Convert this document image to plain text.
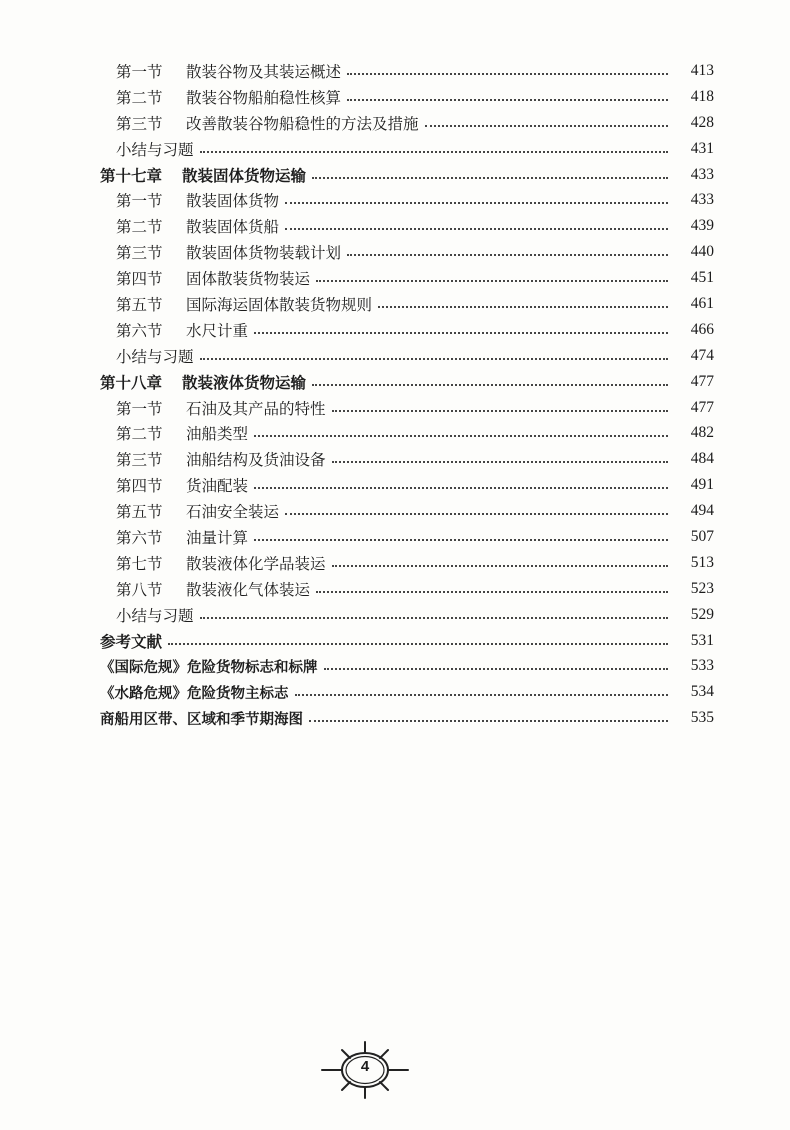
第一节	散装谷物及其装运概述	413
第二节	散装谷物船舶稳性核算	418
第三节	改善散装谷物船稳性的方法及措施	428
小结与习题	431
第十七章	散装固体货物运输	433
第一节	散装固体货物	433
第二节	散装固体货船	439
第三节	散装固体货物装载计划	440
第四节	固体散装货物装运	451
第五节	国际海运固体散装货物规则	461
第六节	水尺计重	466
小结与习题	474
第十八章	散装液体货物运输	477
第一节	石油及其产品的特性	477
第二节	油船类型	482
第三节	油船结构及货油设备	484
第四节	货油配装	491
第五节	石油安全装运	494
第六节	油量计算	507
第七节	散装液体化学品装运	513
第八节	散装液化气体装运	523
小结与习题	529
参考文献	531
《国际危规》危险货物标志和标牌	533
《水路危规》危险货物主标志	534
商船用区带、区域和季节期海图	535
4
